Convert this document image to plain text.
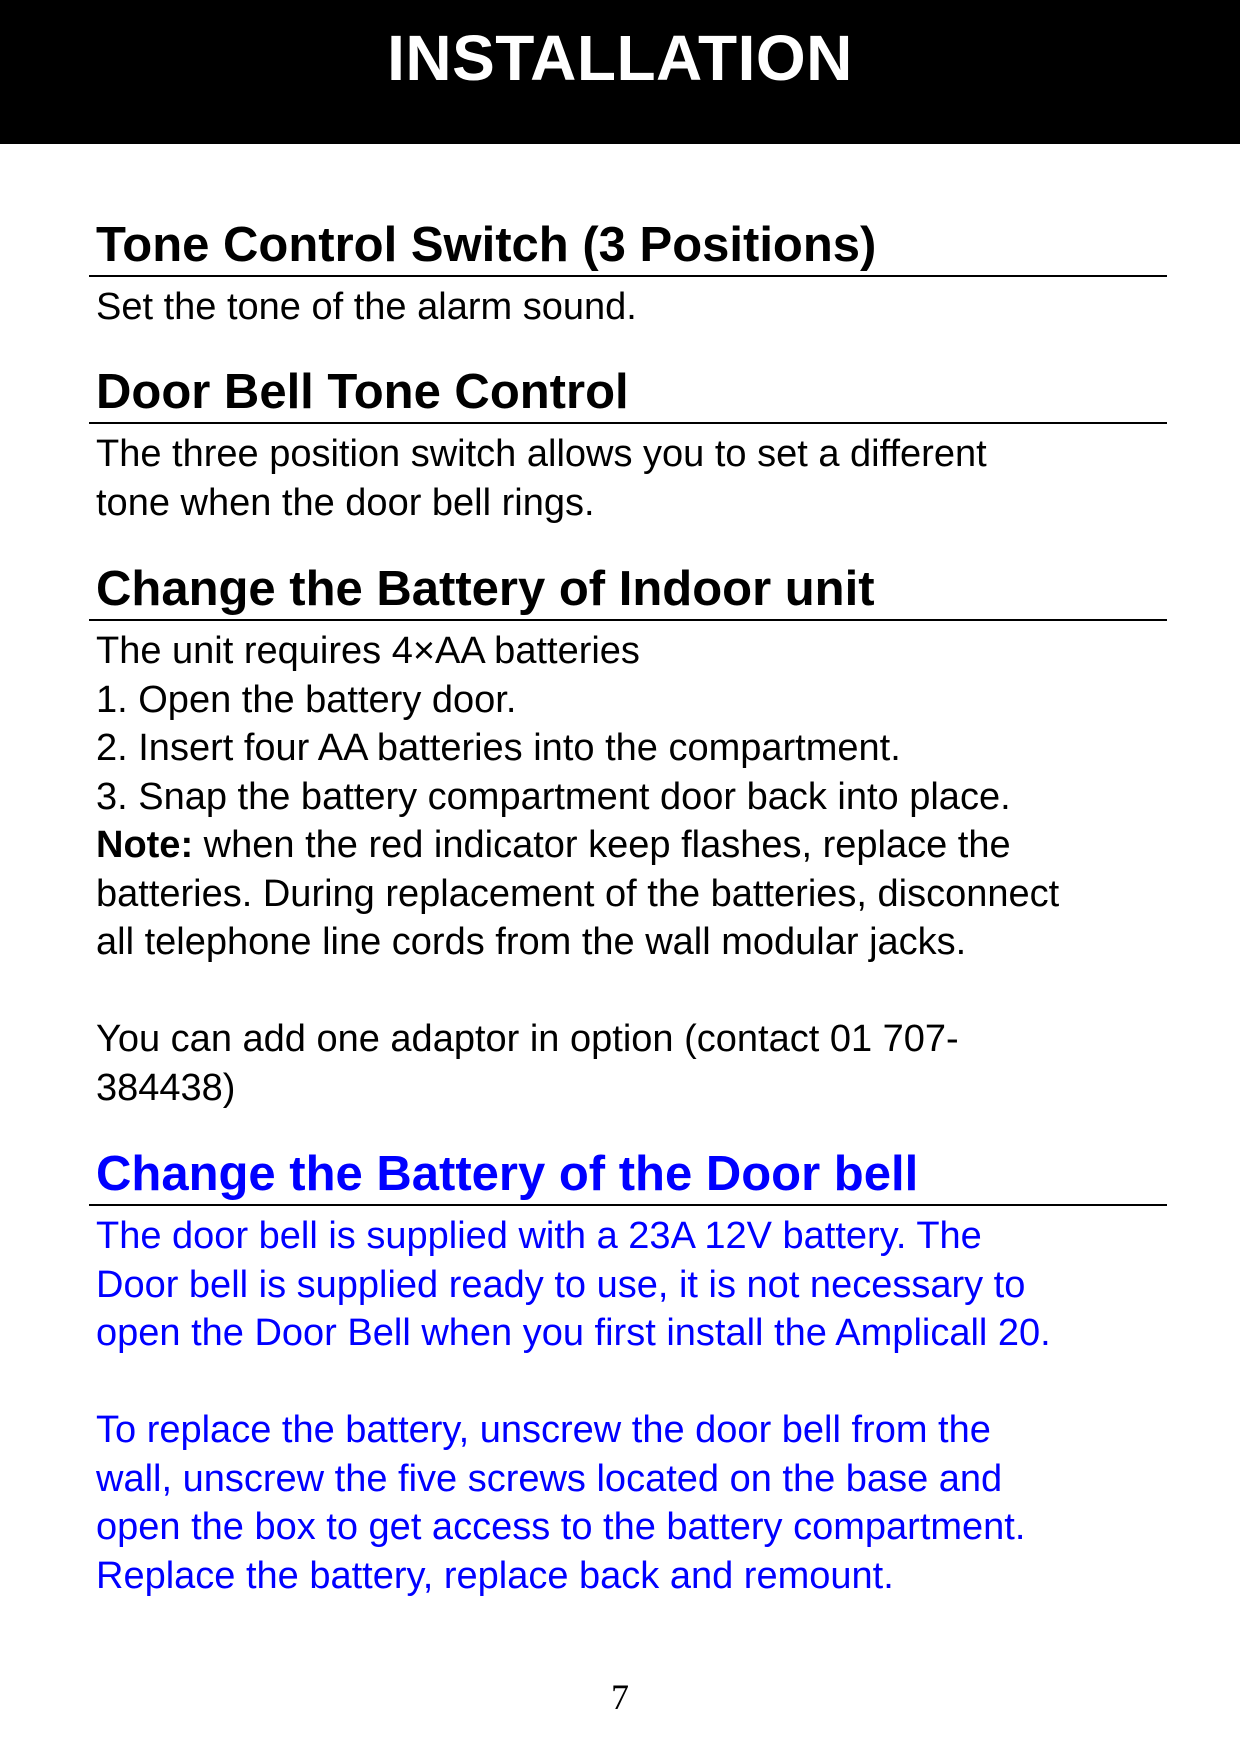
INSTALLATION
Tone Control Switch (3 Positions)

Set the tone of the alarm sound.

Door Bell Tone Control

The three position switch allows you to set a different

tone when the door bell rings.

Change the Battery of Indoor unit

The unit requires 4×AA batteries

1. Open the battery door.

2. Insert four AA batteries into the compartment.

3. Snap the battery compartment door back into place.

Note: when the red indicator keep flashes, replace the
batteries. During replacement of the batteries, disconnect
all telephone line cords from the wall modular jacks.

You can add one adaptor in option (contact 01 707-
384438)

Change the Battery of the Door bell

The door bell is supplied with a 23A 12V battery. The
Door bell is supplied ready to use, it is not necessary to
open the Door Bell when you first install the Amplicall 20.

To replace the battery, unscrew the door bell from the
wall, unscrew the five screws located on the base and
open the box to get access to the battery compartment.
Replace the battery, replace back and remount.

7
